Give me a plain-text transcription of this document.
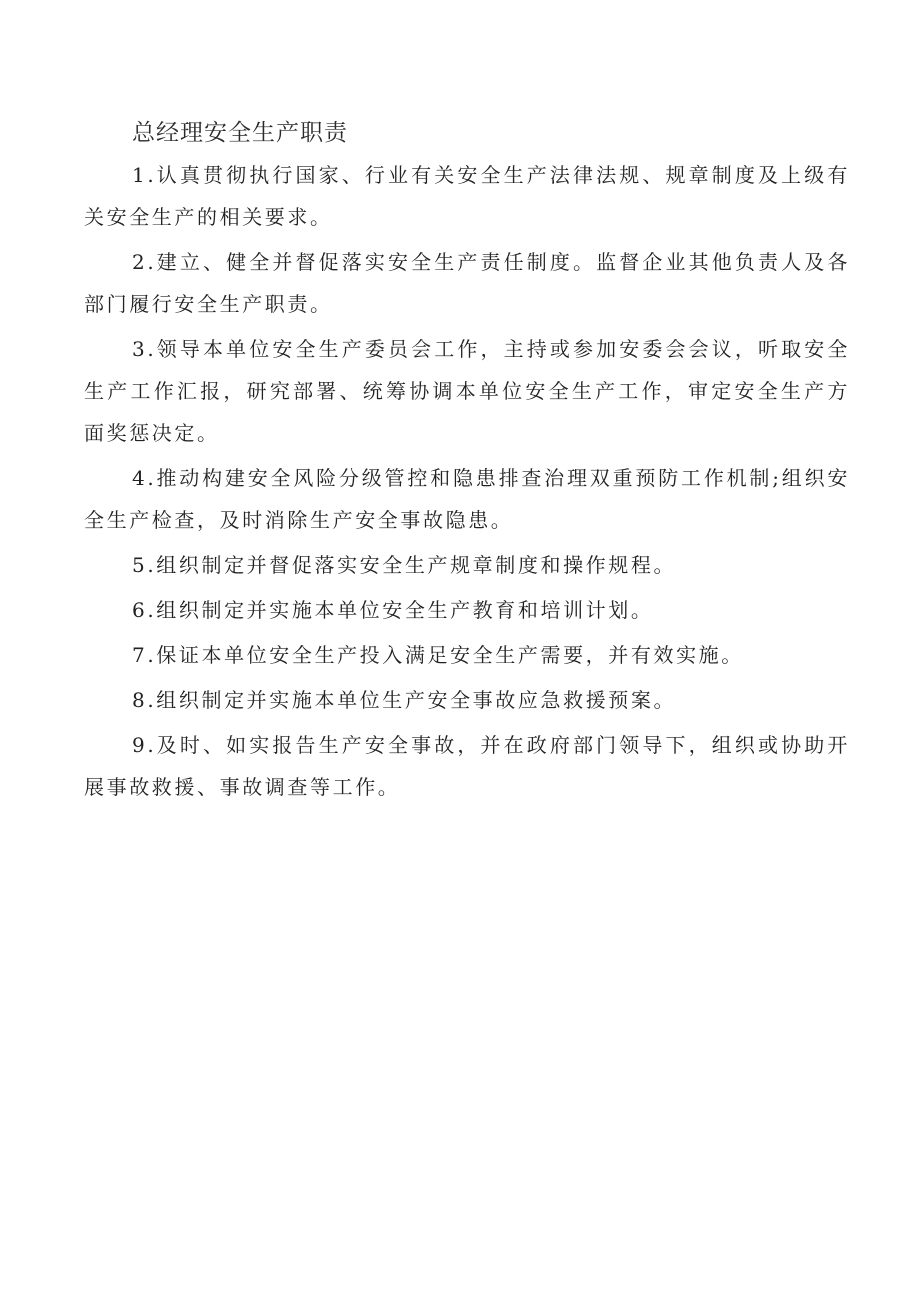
总经理安全生产职责
1.认真贯彻执行国家、行业有关安全生产法律法规、规章制度及上级有关安全生产的相关要求。
2.建立、健全并督促落实安全生产责任制度。监督企业其他负责人及各部门履行安全生产职责。
3.领导本单位安全生产委员会工作，主持或参加安委会会议，听取安全生产工作汇报，研究部署、统筹协调本单位安全生产工作，审定安全生产方面奖惩决定。
4.推动构建安全风险分级管控和隐患排查治理双重预防工作机制;组织安全生产检查，及时消除生产安全事故隐患。
5.组织制定并督促落实安全生产规章制度和操作规程。
6.组织制定并实施本单位安全生产教育和培训计划。
7.保证本单位安全生产投入满足安全生产需要，并有效实施。
8.组织制定并实施本单位生产安全事故应急救援预案。
9.及时、如实报告生产安全事故，并在政府部门领导下，组织或协助开展事故救援、事故调查等工作。
